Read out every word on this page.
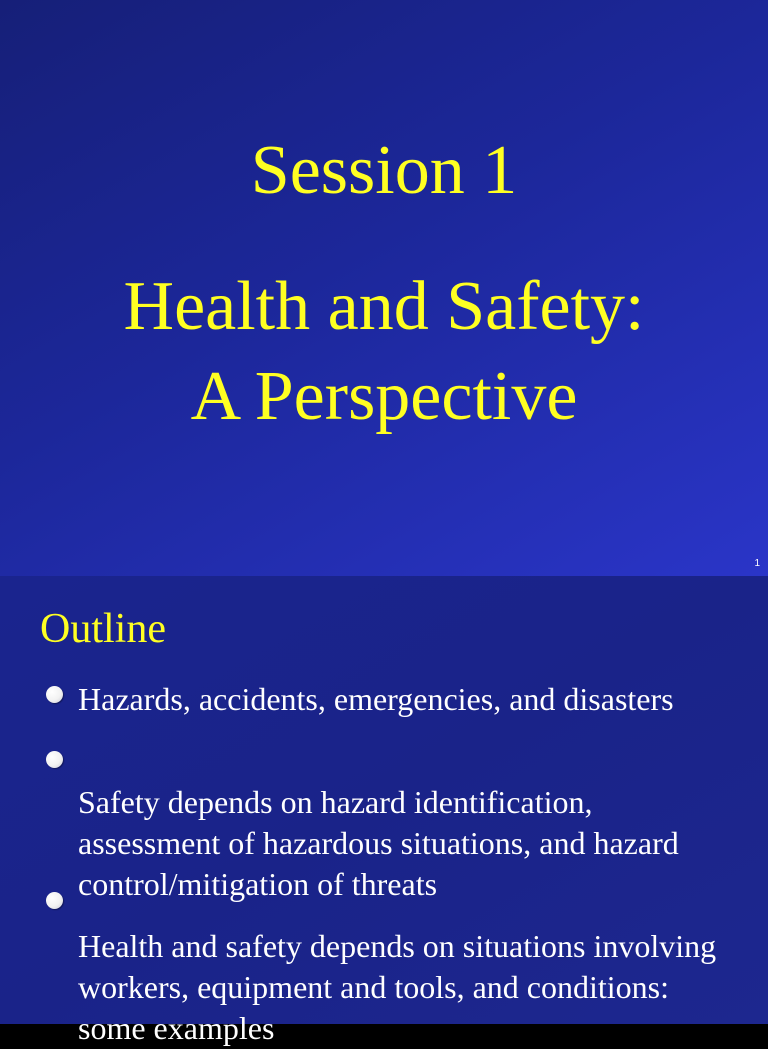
Session 1
Health and Safety:
A Perspective
1
Outline
Hazards, accidents, emergencies, and disasters
Safety depends on hazard identification, assessment of hazardous situations, and hazard control/mitigation of threats
Health and safety depends on situations involving workers, equipment and tools, and conditions: some examples
